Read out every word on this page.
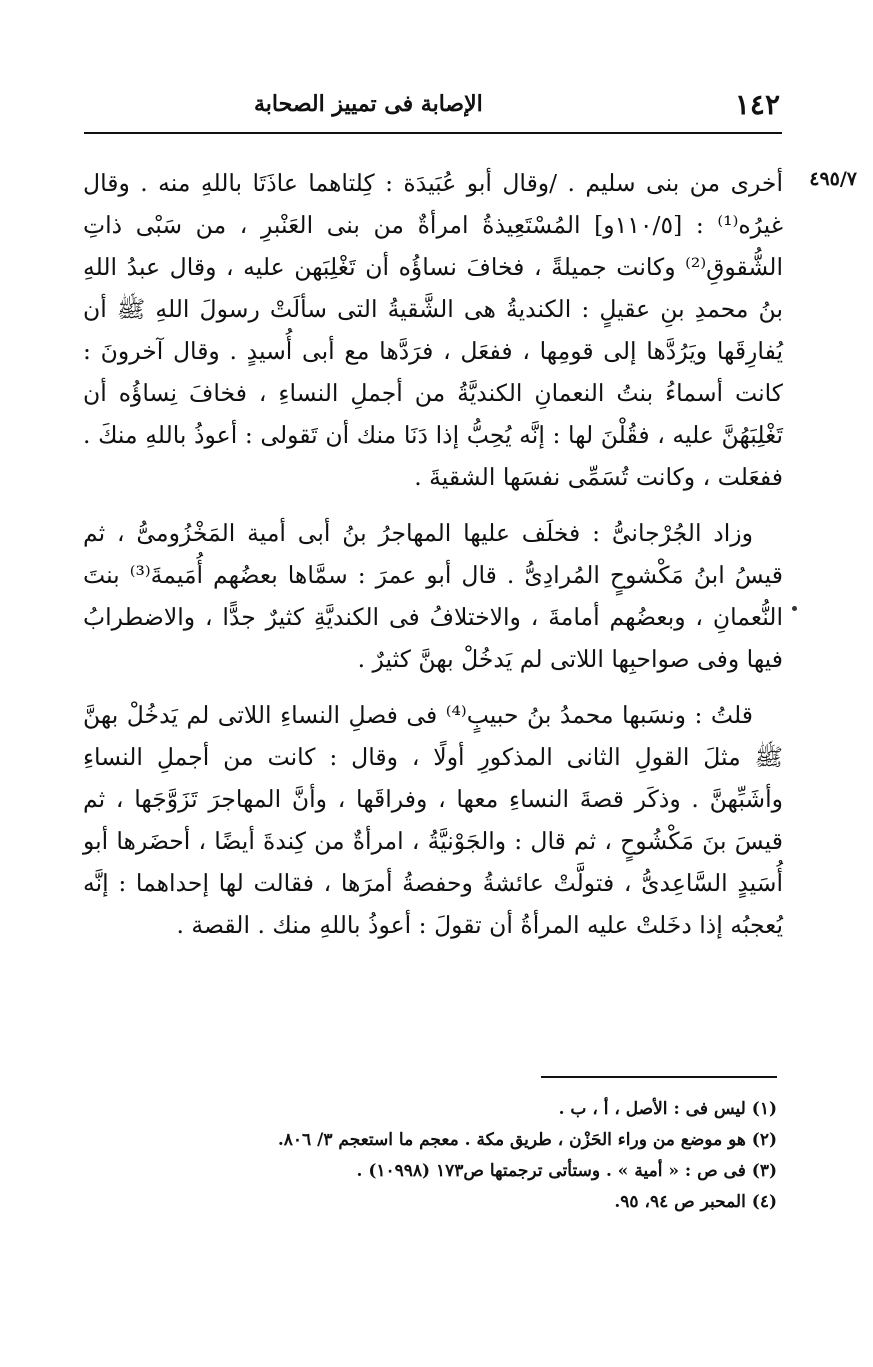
١٤٢
الإصابة فى تمييز الصحابة
٤٩٥/٧

أخرى من بنى سليم . /وقال أبو عُبَيدَة : كِلتاهما عاذَتَا باللهِ منه . وقال غيرُه⁽¹⁾ : [١١٠/٥و] المُسْتَعِيذةُ امرأةٌ من بنى العَنْبرِ ، من سَبْى ذاتِ الشُّقوقِ⁽²⁾ وكانت جميلةً ، فخافَ نساؤُه أن تَغْلِبَهن عليه ، وقال عبدُ اللهِ بنُ محمدِ بنِ عقيلٍ : الكنديةُ هى الشَّقيةُ التى سألَتْ رسولَ اللهِ ﷺ أن يُفارِقَها ويَرُدَّها إلى قومِها ، ففعَل ، فرَدَّها مع أبى أُسيدٍ . وقال آخرونَ : كانت أسماءُ بنتُ النعمانِ الكنديَّةُ من أجملِ النساءِ ، فخافَ نِساؤُه أن تَغْلِبَهُنَّ عليه ، فقُلْنَ لها : إنَّه يُحِبُّ إذا دَنَا منك أن تَقولى : أعوذُ باللهِ منكَ . ففعَلت ، وكانت تُسَمِّى نفسَها الشقيةَ .

وزاد الجُرْجانىُّ : فخلَف عليها المهاجرُ بنُ أبى أمية المَخْزُومىُّ ، ثم قيسُ ابنُ مَكْشوحٍ المُرادِىُّ . قال أبو عمرَ : سمَّاها بعضُهم أُمَيمةَ⁽³⁾ بنتَ النُّعمانِ ، وبعضُهم أمامةَ ، والاختلافُ فى الكنديَّةِ كثيرٌ جدًّا ، والاضطرابُ فيها وفى صواحبِها اللاتى لم يَدخُلْ بهنَّ كثيرٌ .

قلتُ : ونسَبها محمدُ بنُ حبيبٍ⁽⁴⁾ فى فصلِ النساءِ اللاتى لم يَدخُلْ بهنَّ ﷺ مثلَ القولِ الثانى المذكورِ أولًا ، وقال : كانت من أجملِ النساءِ وأشَبِّهنَّ . وذكَر قصةَ النساءِ معها ، وفراقَها ، وأنَّ المهاجرَ تَزَوَّجَها ، ثم قيسَ بنَ مَكْشُوحٍ ، ثم قال : والجَوْنيَّةُ ، امرأةٌ من كِندةَ أيضًا ، أحضَرها أبو أُسَيدٍ السَّاعِدىُّ ، فتولَّتْ عائشةُ وحفصةُ أمرَها ، فقالت لها إحداهما : إنَّه يُعجبُه إذا دخَلتْ عليه المرأةُ أن تقولَ : أعوذُ باللهِ منك . القصة .

(١) ليس فى : الأصل ، أ ، ب .

(٢) هو موضع من وراء الحَزْن ، طريق مكة . معجم ما استعجم ٣/ ٨٠٦.

(٣) فى ص : « أمية » . وستأتى ترجمتها ص١٧٣ (١٠٩٩٨) .

(٤) المحبر ص ٩٤، ٩٥.
